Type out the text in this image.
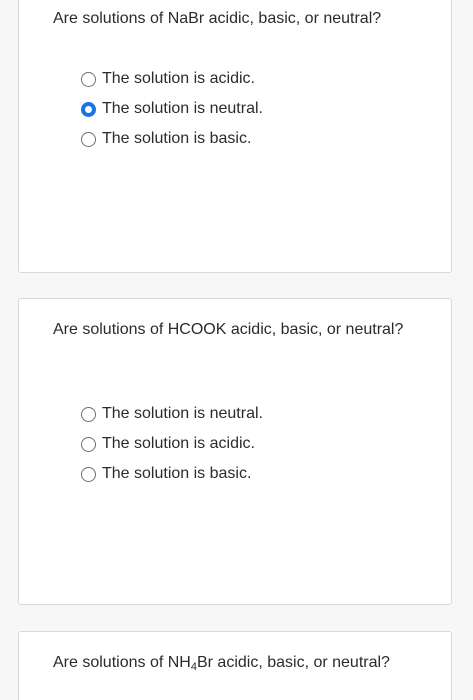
Are solutions of NaBr acidic, basic, or neutral?

The solution is acidic.
The solution is neutral.
The solution is basic.

Are solutions of HCOOK acidic, basic, or neutral?

The solution is neutral.
The solution is acidic.
The solution is basic.

Are solutions of $NH_4Br$ acidic, basic, or neutral?
